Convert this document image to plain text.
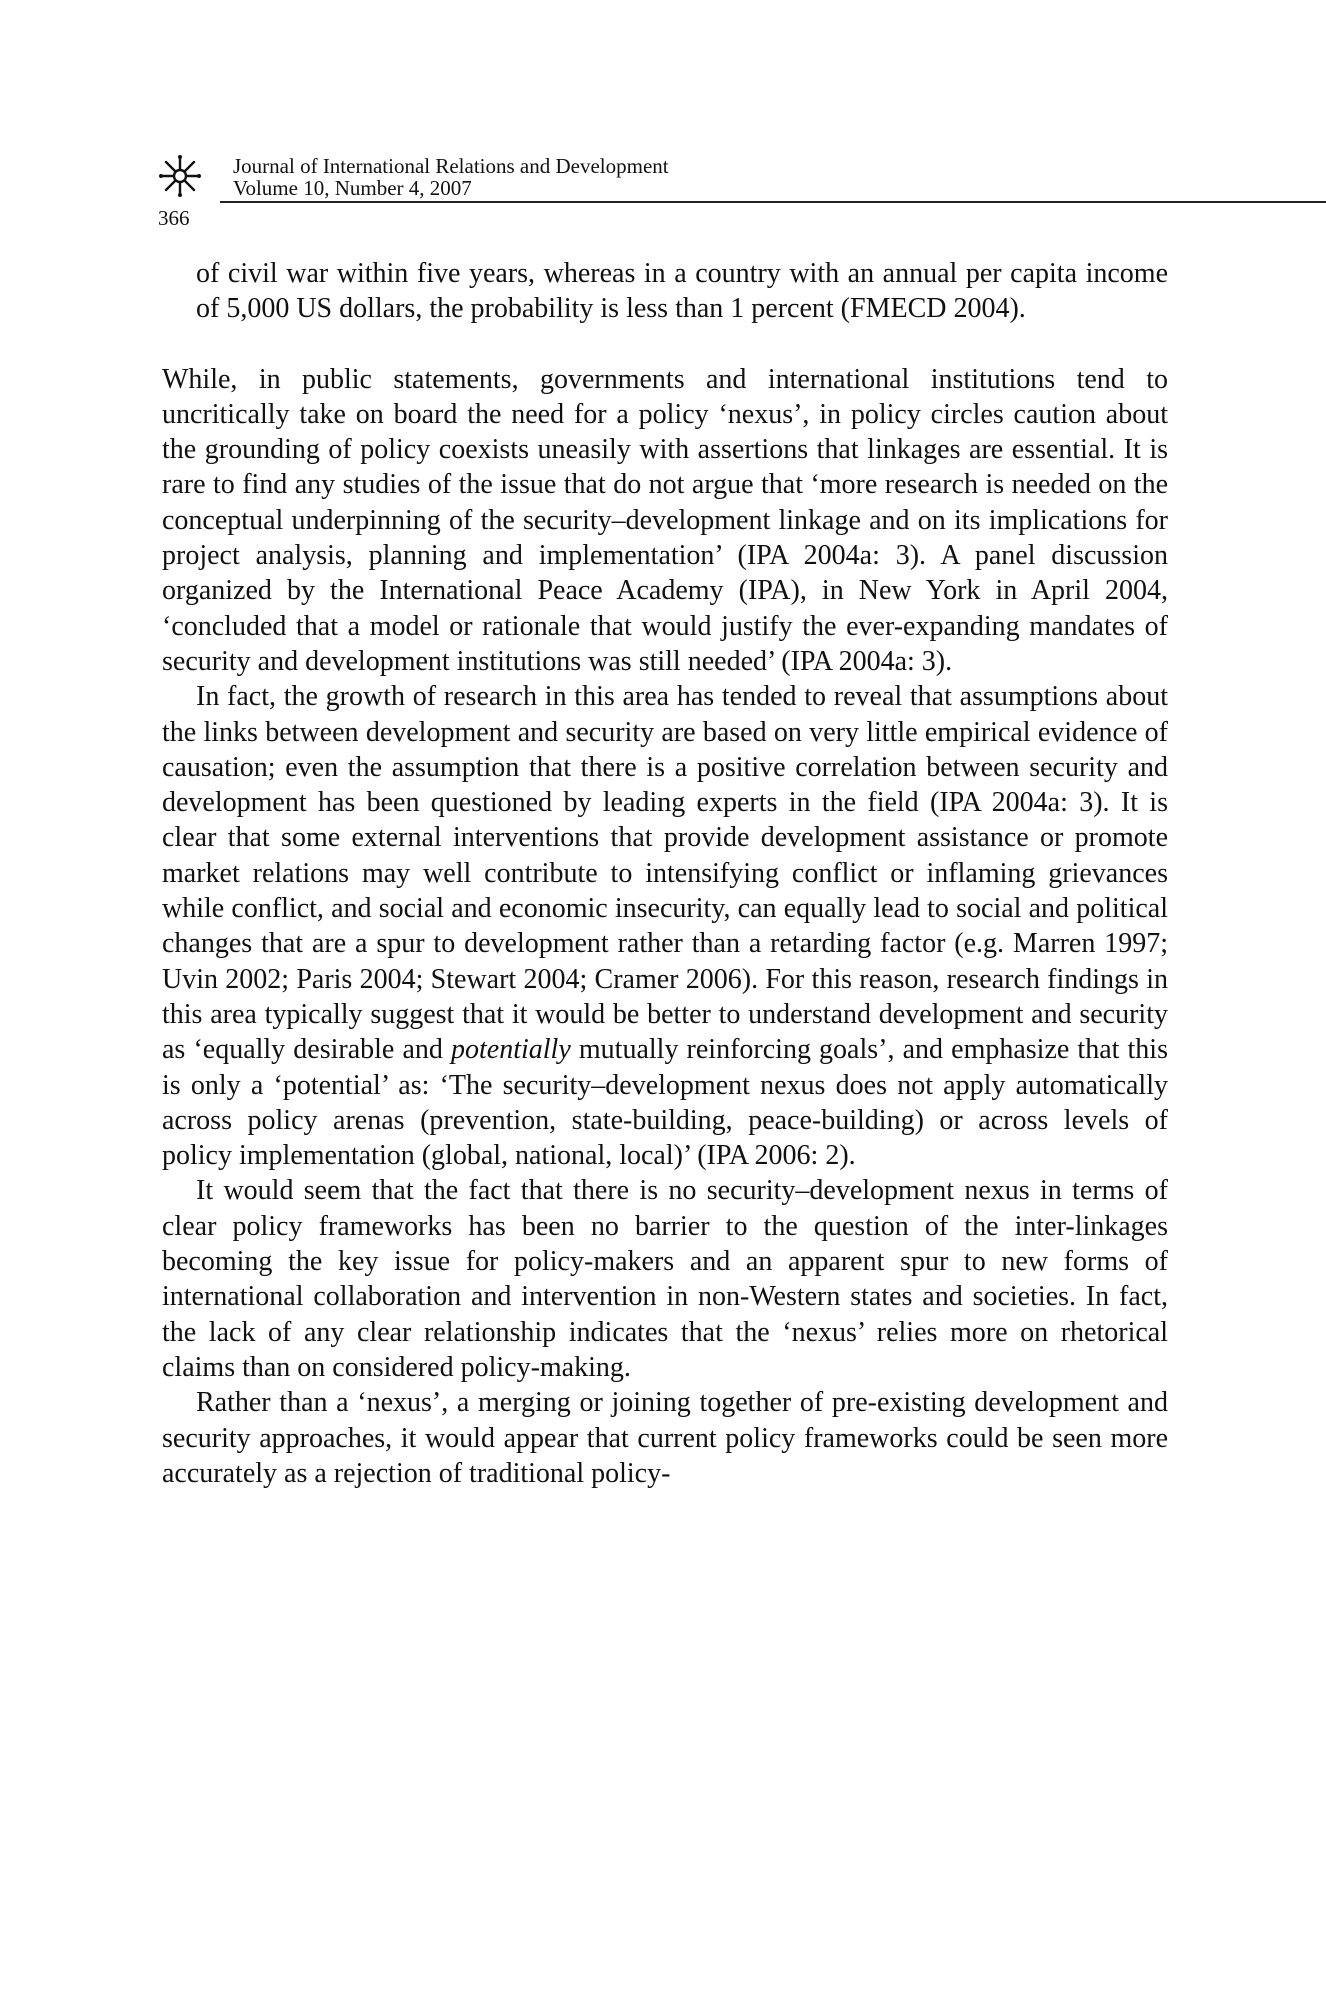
Journal of International Relations and Development
Volume 10, Number 4, 2007
366

of civil war within five years, whereas in a country with an annual per capita income of 5,000 US dollars, the probability is less than 1 percent (FMECD 2004).

While, in public statements, governments and international institutions tend to uncritically take on board the need for a policy ‘nexus’, in policy circles caution about the grounding of policy coexists uneasily with assertions that linkages are essential. It is rare to find any studies of the issue that do not argue that ‘more research is needed on the conceptual underpinning of the security–development linkage and on its implications for project analysis, planning and implementation’ (IPA 2004a: 3). A panel discussion organized by the International Peace Academy (IPA), in New York in April 2004, ‘concluded that a model or rationale that would justify the ever-expanding mandates of security and development institutions was still needed’ (IPA 2004a: 3).

In fact, the growth of research in this area has tended to reveal that assumptions about the links between development and security are based on very little empirical evidence of causation; even the assumption that there is a positive correlation between security and development has been questioned by leading experts in the field (IPA 2004a: 3). It is clear that some external interventions that provide development assistance or promote market relations may well contribute to intensifying conflict or inflaming grievances while conflict, and social and economic insecurity, can equally lead to social and political changes that are a spur to development rather than a retarding factor (e.g. Marren 1997; Uvin 2002; Paris 2004; Stewart 2004; Cramer 2006). For this reason, research findings in this area typically suggest that it would be better to understand development and security as ‘equally desirable and potentially mutually reinforcing goals’, and emphasize that this is only a ‘potential’ as: ‘The security–development nexus does not apply automatically across policy arenas (prevention, state-building, peace-building) or across levels of policy implementation (global, national, local)’ (IPA 2006: 2).

It would seem that the fact that there is no security–development nexus in terms of clear policy frameworks has been no barrier to the question of the inter-linkages becoming the key issue for policy-makers and an apparent spur to new forms of international collaboration and intervention in non-Western states and societies. In fact, the lack of any clear relationship indicates that the ‘nexus’ relies more on rhetorical claims than on considered policy-making.

Rather than a ‘nexus’, a merging or joining together of pre-existing development and security approaches, it would appear that current policy frameworks could be seen more accurately as a rejection of traditional policy-
